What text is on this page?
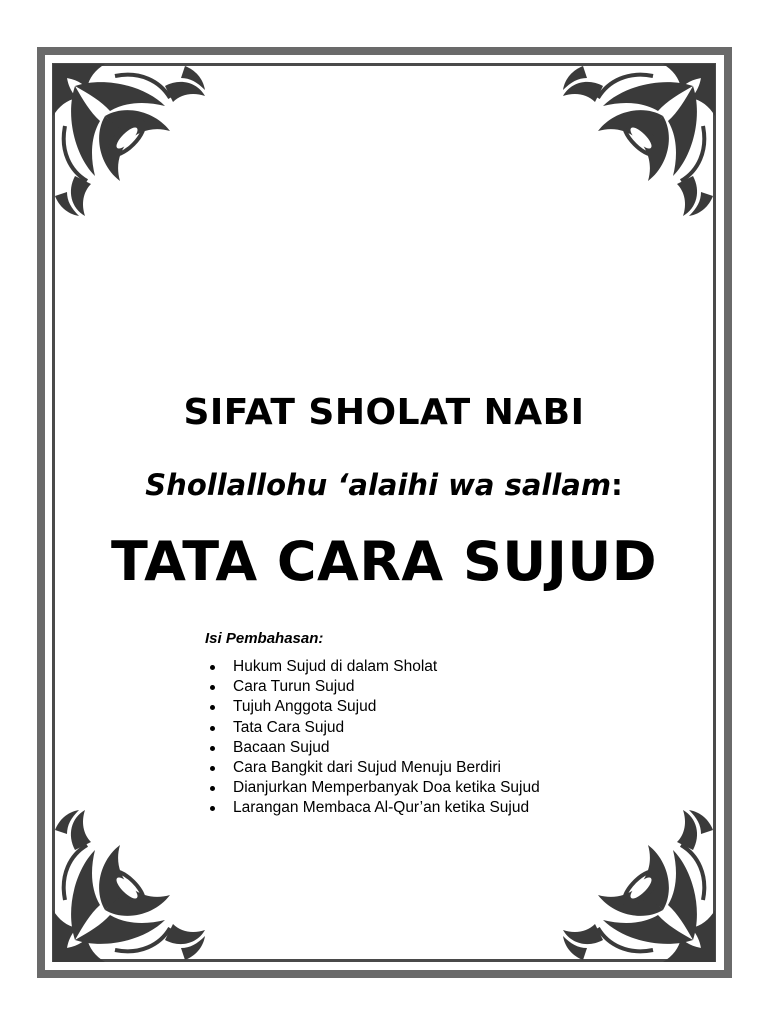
SIFAT SHOLAT NABI
Shollallohu ‘alaihi wa sallam:
TATA CARA SUJUD

Isi Pembahasan:

Hukum Sujud di dalam Sholat
Cara Turun Sujud
Tujuh Anggota Sujud
Tata Cara Sujud
Bacaan Sujud
Cara Bangkit dari Sujud Menuju Berdiri
Dianjurkan Memperbanyak Doa ketika Sujud
Larangan Membaca Al-Qur’an ketika Sujud
